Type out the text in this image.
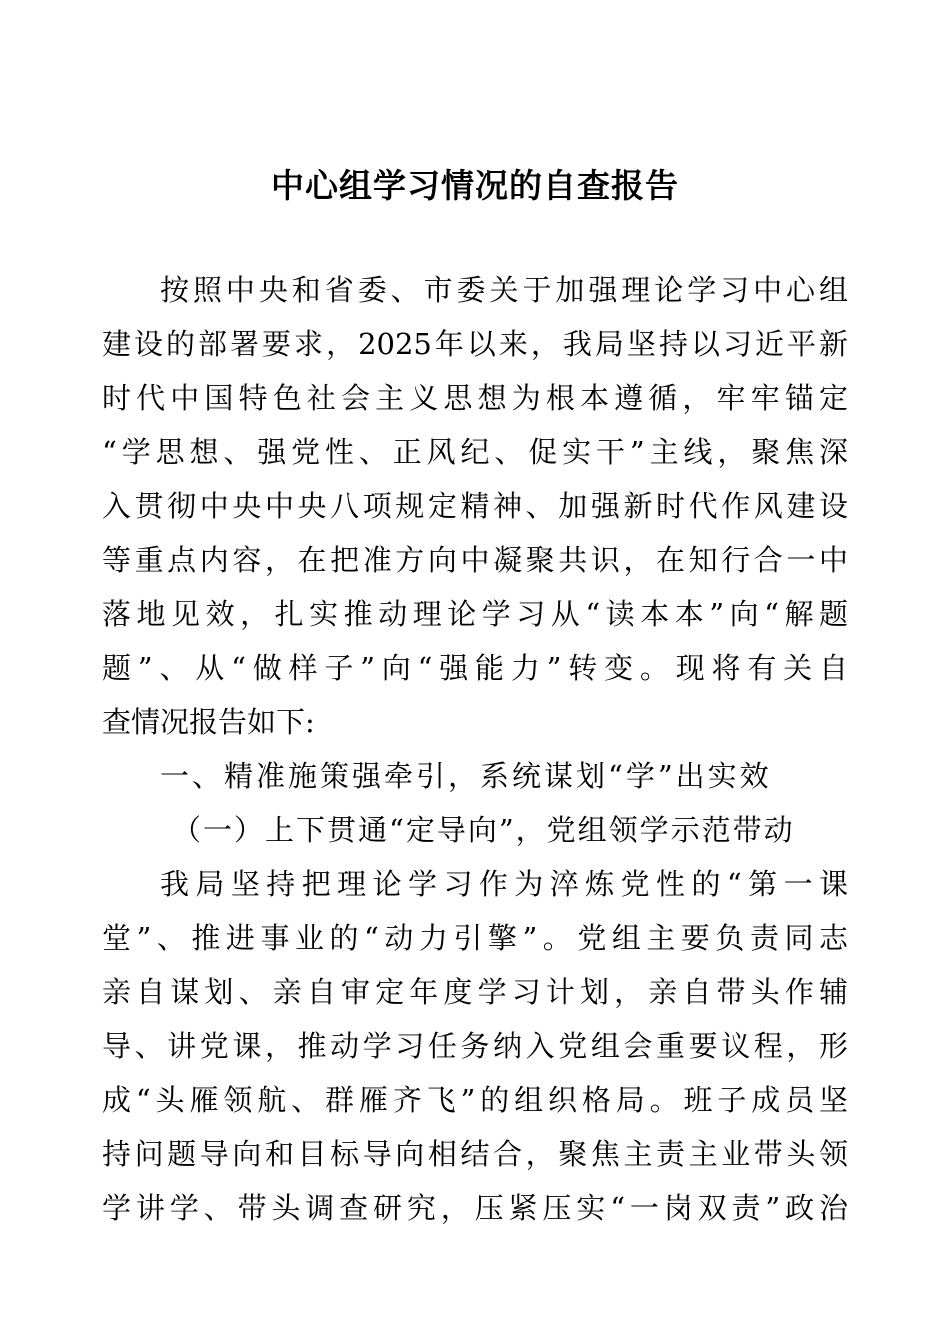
中心组学习情况的自查报告
按照中央和省委、市委关于加强理论学习中心组
建设的部署要求，2025年以来，我局坚持以习近平新
时代中国特色社会主义思想为根本遵循，牢牢锚定
“学思想、强党性、正风纪、促实干”主线，聚焦深
入贯彻中央中央八项规定精神、加强新时代作风建设
等重点内容，在把准方向中凝聚共识，在知行合一中
落地见效，扎实推动理论学习从“读本本”向“解题
题”、从“做样子”向“强能力”转变。现将有关自
查情况报告如下:
一、精准施策强牵引，系统谋划“学”出实效
（一）上下贯通“定导向”，党组领学示范带动
我局坚持把理论学习作为淬炼党性的“第一课
堂”、推进事业的“动力引擎”。党组主要负责同志
亲自谋划、亲自审定年度学习计划，亲自带头作辅
导、讲党课，推动学习任务纳入党组会重要议程，形
成“头雁领航、群雁齐飞”的组织格局。班子成员坚
持问题导向和目标导向相结合，聚焦主责主业带头领
学讲学、带头调查研究，压紧压实“一岗双责”政治
